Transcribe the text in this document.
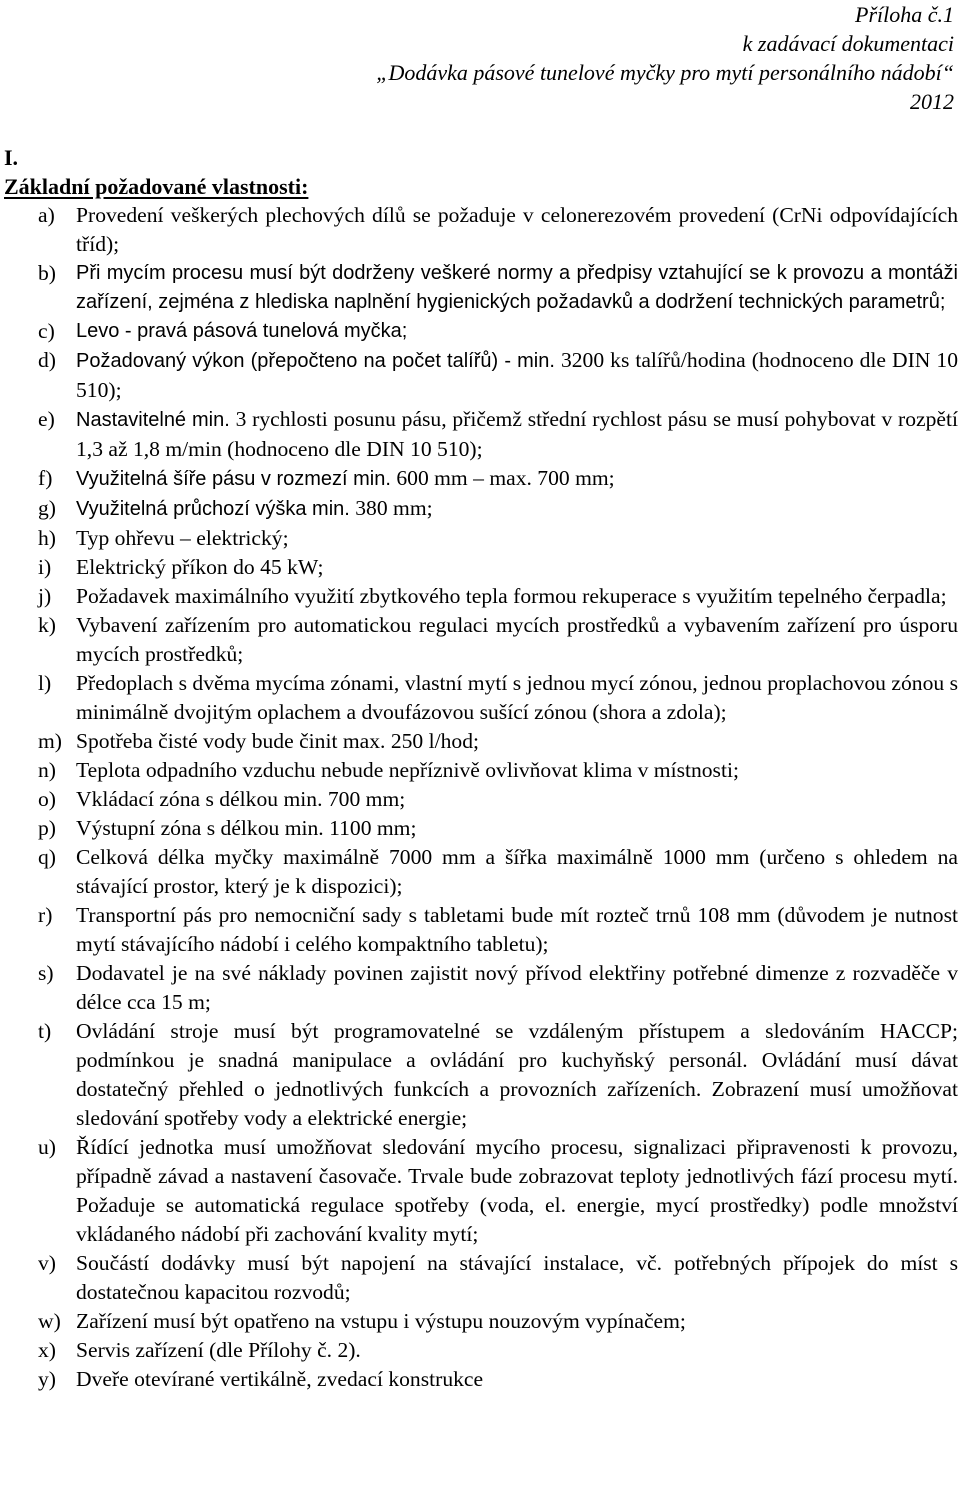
Příloha č.1
k zadávací dokumentaci
„Dodávka pásové tunelové myčky pro mytí personálního nádobí“
2012
I.
Základní požadované vlastnosti:
a) Provedení veškerých plechových dílů se požaduje v celonerezovém provedení (CrNi odpovídajících tříd);
b)	Při mycím procesu musí být dodrženy veškeré normy a předpisy vztahující se k provozu a montáži zařízení, zejména z hlediska naplnění hygienických požadavků a dodržení technických parametrů;
c)	Levo - pravá pásová tunelová myčka;
d)	Požadovaný výkon (přepočteno na počet talířů) - min. 3200 ks talířů/hodina (hodnoceno dle DIN 10 510);
e)	Nastavitelné min. 3 rychlosti posunu pásu, přičemž střední rychlost pásu se musí pohybovat v rozpětí 1,3 až 1,8 m/min (hodnoceno dle DIN 10 510);
f)	Využitelná šíře pásu v rozmezí min. 600 mm – max. 700 mm;
g)	Využitelná průchozí výška min. 380 mm;
h) Typ ohřevu – elektrický;
i)	Elektrický příkon do 45 kW;
j)	Požadavek maximálního využití zbytkového tepla formou rekuperace s využitím tepelného čerpadla;
k) Vybavení zařízením pro automatickou regulaci mycích prostředků a vybavením zařízení pro úsporu mycích prostředků;
l)	Předoplach s dvěma mycíma zónami, vlastní mytí s jednou mycí zónou, jednou proplachovou zónou s minimálně dvojitým oplachem a dvoufázovou sušící zónou (shora a zdola);
m) Spotřeba čisté vody bude činit max. 250 l/hod;
n) Teplota odpadního vzduchu nebude nepříznivě ovlivňovat klima v místnosti;
o) Vkládací zóna s délkou min. 700 mm;
p) Výstupní zóna s délkou min. 1100 mm;
q) Celková délka myčky maximálně 7000 mm a šířka maximálně 1000 mm (určeno s ohledem na stávající prostor, který je k dispozici);
r)	Transportní pás pro nemocniční sady s tabletami bude mít rozteč trnů 108 mm (důvodem je nutnost mytí stávajícího nádobí i celého kompaktního tabletu);
s)	Dodavatel je na své náklady povinen zajistit nový přívod elektřiny potřebné dimenze z rozvaděče v délce cca 15 m;
t)	Ovládání stroje musí být programovatelné se vzdáleným přístupem a sledováním HACCP; podmínkou je snadná manipulace a ovládání pro kuchyňský personál. Ovládání musí dávat dostatečný přehled o jednotlivých funkcích a provozních zařízeních. Zobrazení musí umožňovat sledování spotřeby vody a elektrické energie;
u) Řídící jednotka musí umožňovat sledování mycího procesu, signalizaci připravenosti k provozu, případně závad a nastavení časovače. Trvale bude zobrazovat teploty jednotlivých fází procesu mytí. Požaduje se automatická regulace spotřeby (voda, el. energie, mycí prostředky) podle množství vkládaného nádobí při zachování kvality mytí;
v) Součástí dodávky musí být napojení na stávající instalace, vč. potřebných přípojek do míst s dostatečnou kapacitou rozvodů;
w) Zařízení musí být opatřeno na vstupu i výstupu nouzovým vypínačem;
x) Servis zařízení (dle Přílohy č. 2).
y) Dveře otevírané vertikálně, zvedací konstrukce
